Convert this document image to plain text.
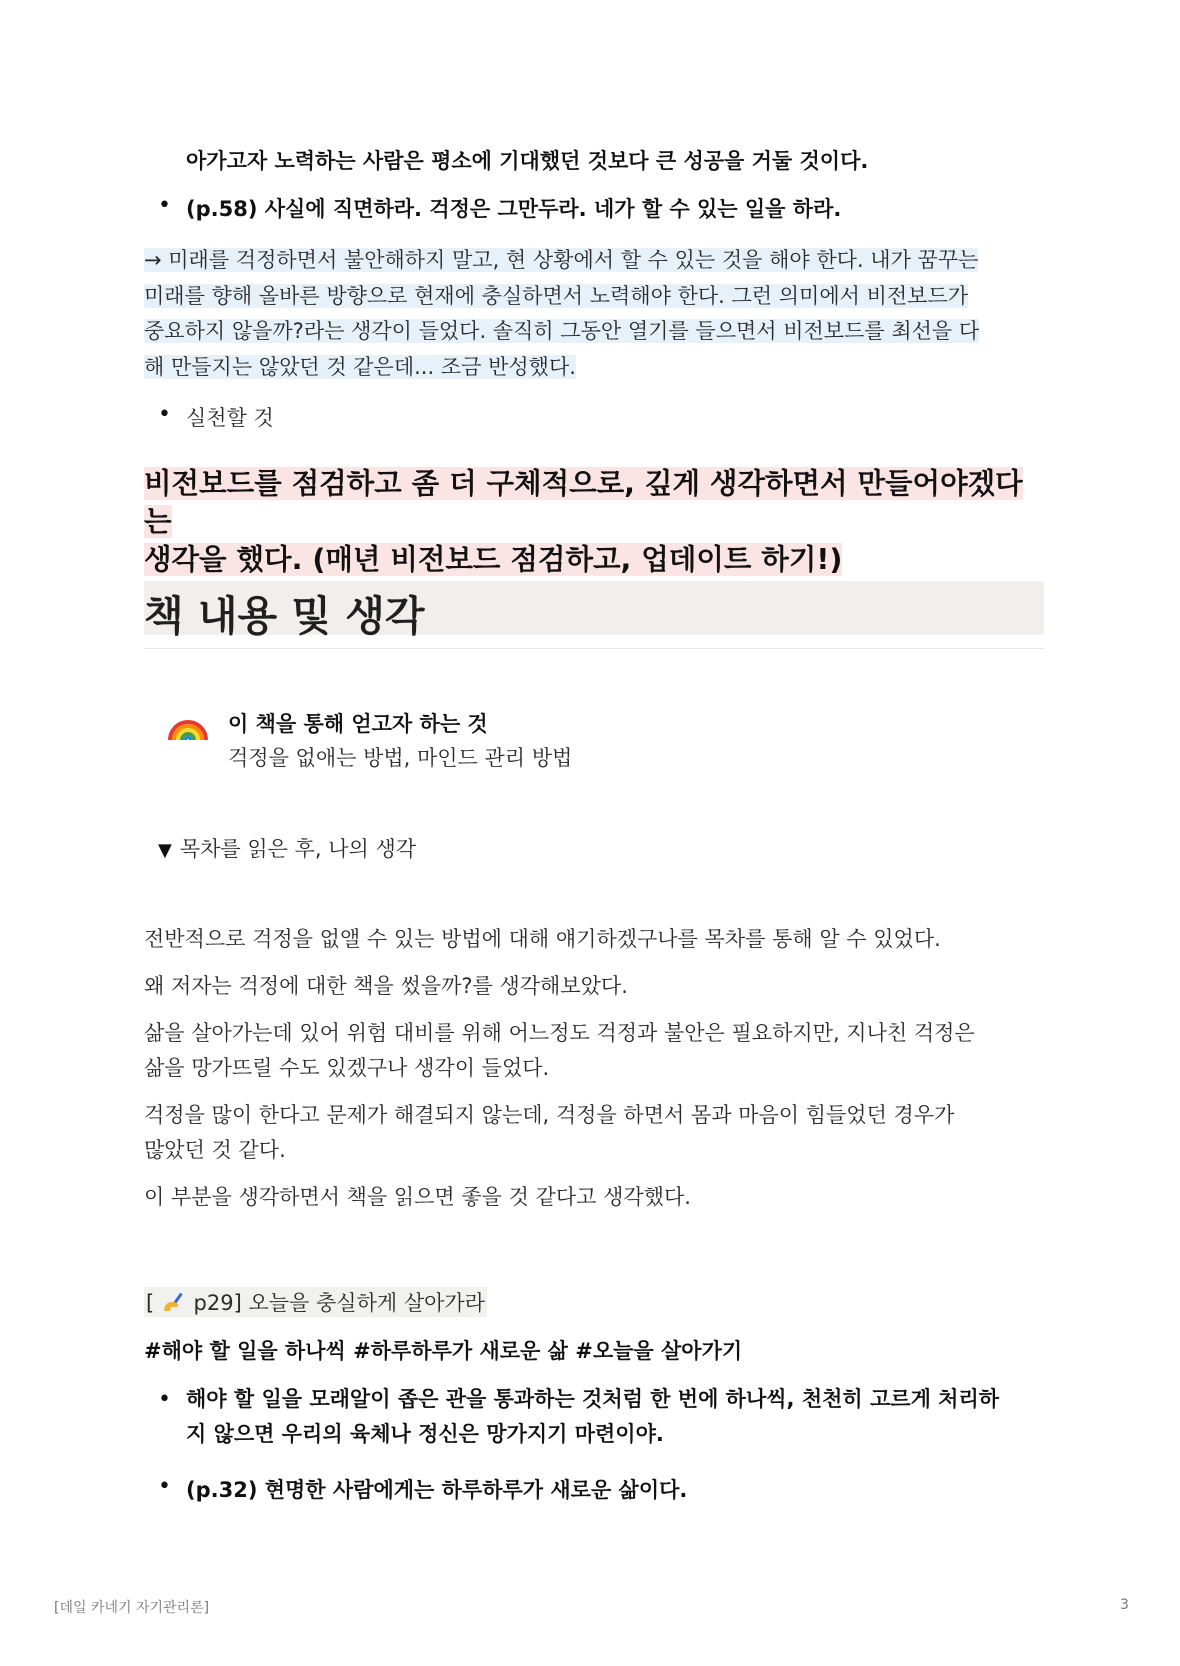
아가고자 노력하는 사람은 평소에 기대했던 것보다 큰 성공을 거둘 것이다.
• (p.58) 사실에 직면하라. 걱정은 그만두라. 네가 할 수 있는 일을 하라.
→ 미래를 걱정하면서 불안해하지 말고, 현 상황에서 할 수 있는 것을 해야 한다. 내가 꿈꾸는
미래를 향해 올바른 방향으로 현재에 충실하면서 노력해야 한다. 그런 의미에서 비전보드가
중요하지 않을까?라는 생각이 들었다. 솔직히 그동안 열기를 들으면서 비전보드를 최선을 다
해 만들지는 않았던 것 같은데... 조금 반성했다.
• 실천할 것
비전보드를 점검하고 좀 더 구체적으로, 깊게 생각하면서 만들어야겠다는
생각을 했다. (매년 비전보드 점검하고, 업데이트 하기!)
책 내용 및 생각
이 책을 통해 얻고자 하는 것
걱정을 없애는 방법, 마인드 관리 방법
▼ 목차를 읽은 후, 나의 생각
전반적으로 걱정을 없앨 수 있는 방법에 대해 얘기하겠구나를 목차를 통해 알 수 있었다.
왜 저자는 걱정에 대한 책을 썼을까?를 생각해보았다.
삶을 살아가는데 있어 위험 대비를 위해 어느정도 걱정과 불안은 필요하지만, 지나친 걱정은
삶을 망가뜨릴 수도 있겠구나 생각이 들었다.
걱정을 많이 한다고 문제가 해결되지 않는데, 걱정을 하면서 몸과 마음이 힘들었던 경우가
많았던 것 같다.
이 부분을 생각하면서 책을 읽으면 좋을 것 같다고 생각했다.
[  p29] 오늘을 충실하게 살아가라
#해야 할 일을 하나씩 #하루하루가 새로운 삶 #오늘을 살아가기
• 해야 할 일을 모래알이 좁은 관을 통과하는 것처럼 한 번에 하나씩, 천천히 고르게 처리하
지 않으면 우리의 육체나 정신은 망가지기 마련이야.
• (p.32) 현명한 사람에게는 하루하루가 새로운 삶이다.
[데일 카네기 자기관리론]	3
